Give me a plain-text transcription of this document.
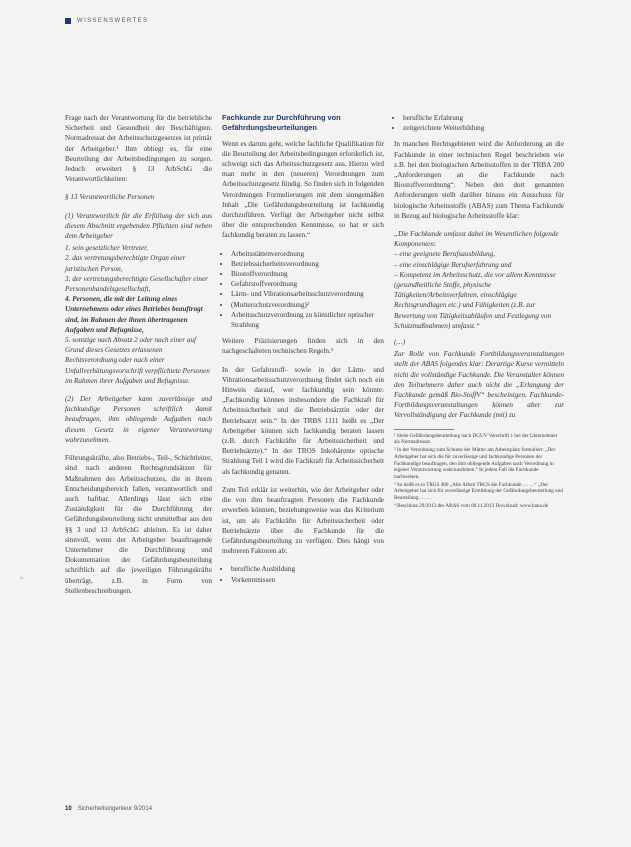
WISSENSWERTES
«

Frage nach der Verantwortung für die betriebliche Sicherheit und Gesundheit der Beschäftigten. Normadressat der Arbeitsschutzgesetzes ist primär der Arbeitgeber.¹ Ihm obliegt es, für eine Beurteilung der Arbeitsbedingungen zu sorgen. Jedoch erweitert § 13 ArbSchG die Verantwortlichkeiten:

§ 13 Verantwortliche Personen

(1) Verantwortlich für die Erfüllung der sich aus diesem Abschnitt ergebenden Pflichten sind neben dem Arbeitgeber

1. sein gesetzlicher Vertreter,
2. das vertretungsberechtigte Organ einer juristischen Person,
3. der vertretungsberechtigte Gesellschafter einer Personenhandelsgesellschaft,
4. Personen, die mit der Leitung eines Unternehmens oder eines Betriebes beauftragt sind, im Rahmen der ihnen übertragenen Aufgaben und Befugnisse,
5. sonstige nach Absatz 2 oder nach einer auf Grund dieses Gesetzes erlassenen Rechtsverordnung oder nach einer Unfallverhütungsvorschrift verpflichtete Personen im Rahmen ihrer Aufgaben und Befugnisse.

(2) Der Arbeitgeber kann zuverlässige und fachkundige Personen schriftlich damit beauftragen, ihm obliegende Aufgaben nach diesem Gesetz in eigener Verantwortung wahrzunehmen.

Führungskräfte, also Betriebs-, Teil-, Schichtleiter, sind nach anderen Rechtsgrundsätzen für Maßnahmen des Arbeitsschutzes, die in ihrem Entscheidungsbereich fallen, verantwortlich und auch haftbar. Allerdings lässt sich eine Zuständigkeit für die Durchführung der Gefährdungsbeurteilung nicht unmittelbar aus den §§ 3 und 13 ArbSchG ableiten. Es ist daher sinnvoll, wenn der Arbeitgeber beauftragende Unternehmer die Durchführung und Dokumentation der Gefährdungsbeurteilung schriftlich auf die jeweiligen Führungskräfte überträgt, z.B. in Form von Stellenbeschreibungen.

Fachkunde zur Durchführung von Gefährdungsbeurteilungen

Wenn es darum geht, welche fachliche Qualifikation für die Beurteilung der Arbeitsbedingungen erforderlich ist, schweigt sich das Arbeitsschutzgesetz aus. Hierzu wird man mehr in den (neueren) Verordnungen zum Arbeitsschutzgesetz fündig. So finden sich in folgenden Verordnungen Formulierungen mit dem sinngemäßen Inhalt „Die Gefährdungsbeurteilung ist fachkundig durchzuführen. Verfügt der Arbeitgeber nicht selbst über die entsprechenden Kenntnisse, so hat er sich fachkundig beraten zu lassen.“

• Arbeitsstättenverordnung
• Betriebssicherheitsverordnung
• Biostoffverordnung
• Gefahrstoffverordnung
• Lärm- und Vibrationsarbeitsschutzverordnung
• (Mutterschutzverordnung)²
• Arbeitsschutzverordnung zu künstlicher optischer Strahlung

Weitere Präzisierungen finden sich in den nachgeschalteten technischen Regeln.³

In der Gefahrstoff- sowie in der Lärm- und Vibrationsarbeitsschutzverordnung findet sich noch ein Hinweis darauf, wer fachkundig sein könnte: „Fachkundig können insbesondere die Fachkraft für Arbeitssicherheit und die Betriebsärztin oder der Betriebsarzt sein.“ In der TRBS 1111 heißt es „Der Arbeitgeber können sich fachkundig beraten lassen (z.B. durch Fachkräfte für Arbeitssicherheit und Betriebsärzte).“ In der TROS Inkohärente optische Strahlung Teil 1 wird die Fachkraft für Arbeitssicherheit als fachkundig genannt.

Zum Teil erklär ist weiterhin, wie der Arbeitgeber oder die von ihm beauftragten Personen die Fachkunde erwerben könnten, beziehungsweise was das Kriterium ist, um als Fachkräfte für Arbeitssicherheit oder Betriebsärzte über die Fachkunde für die Gefährdungsbeurteilung zu verfügen. Dies hängt von mehreren Faktoren ab:

• berufliche Ausbildung
• Vorkenntnissen
• berufliche Erfahrung
• zeitgerichtete Weiterbildung

In manchen Rechtsgebieten wird die Anforderung an die Fachkunde in einer technischen Regel beschrieben wie z.B. bei den biologischen Arbeitsstoffen in der TRBA 200 „Anforderungen an die Fachkunde nach Biostoffverordnung“. Neben den dort genannten Anforderungen stellt darüber hinaus ein Ausschuss für biologische Arbeitsstoffe (ABAS) zum Thema Fachkunde in Bezug auf biologische Arbeitsstoffe klar:

„Die Fachkunde umfasst dabei im Wesentlichen folgende Komponenten:
– eine geeignete Berufsausbildung,
– eine einschlägige Berufserfahrung und
– Kompetenz im Arbeitsschutz, die vor allem Kenntnisse (gesundheitliche Stoffe, physische Tätigkeiten/Arbeitsverfahren, einschlägige Rechtsgrundlagen etc.) und Fähigkeiten (z.B. zur Bewertung von Tätigkeitsabläufen und Festlegung von Schutzmaßnahmen) umfasst.“

(…)

Zur Rolle von Fachkunde Fortbildungsveranstaltungen stellt der ABAS folgendes klar: Derartige Kurse vermitteln nicht die vollständige Fachkunde. Die Veranstalter können den Teilnehmern daher auch nicht die „Erlangung der Fachkunde gemäß Bio-StoffV“ bescheinigen. Fachkunde-Fortbildungsveranstaltungen können aber zur Vervollständigung der Fachkunde (mit) zu

¹ Siehe Gefährdungsbeurteilung nach DGUV Vorschrift 1 bei der Unternehmer als Normadressat.

² In der Verordnung zum Schutze der Mütter am Arbeitsplatz formuliert: „Der Arbeitgeber hat sich die für zuverlässige und fachkundige Personen der Fachkundige beauftragen, den ihm obliegende Aufgaben nach Verordnung in eigener Verantwortung wahrzunehmen.“ In jedem Fall die Fachkunde nachweisen.

³ So heißt es in TRGS 400 „Alle Arbeit TRGS die Fachkunde … …“ „Der Arbeitgeber hat sich für zuverlässige Ermittlung der Gefährdungsbeurteilung und Beurteilung … …

⁴ Beschluss 29/2013 des ABAS vom 08.11.2013 Download: www.baua.de

10 Sicherheitsingenieur 9/2014
